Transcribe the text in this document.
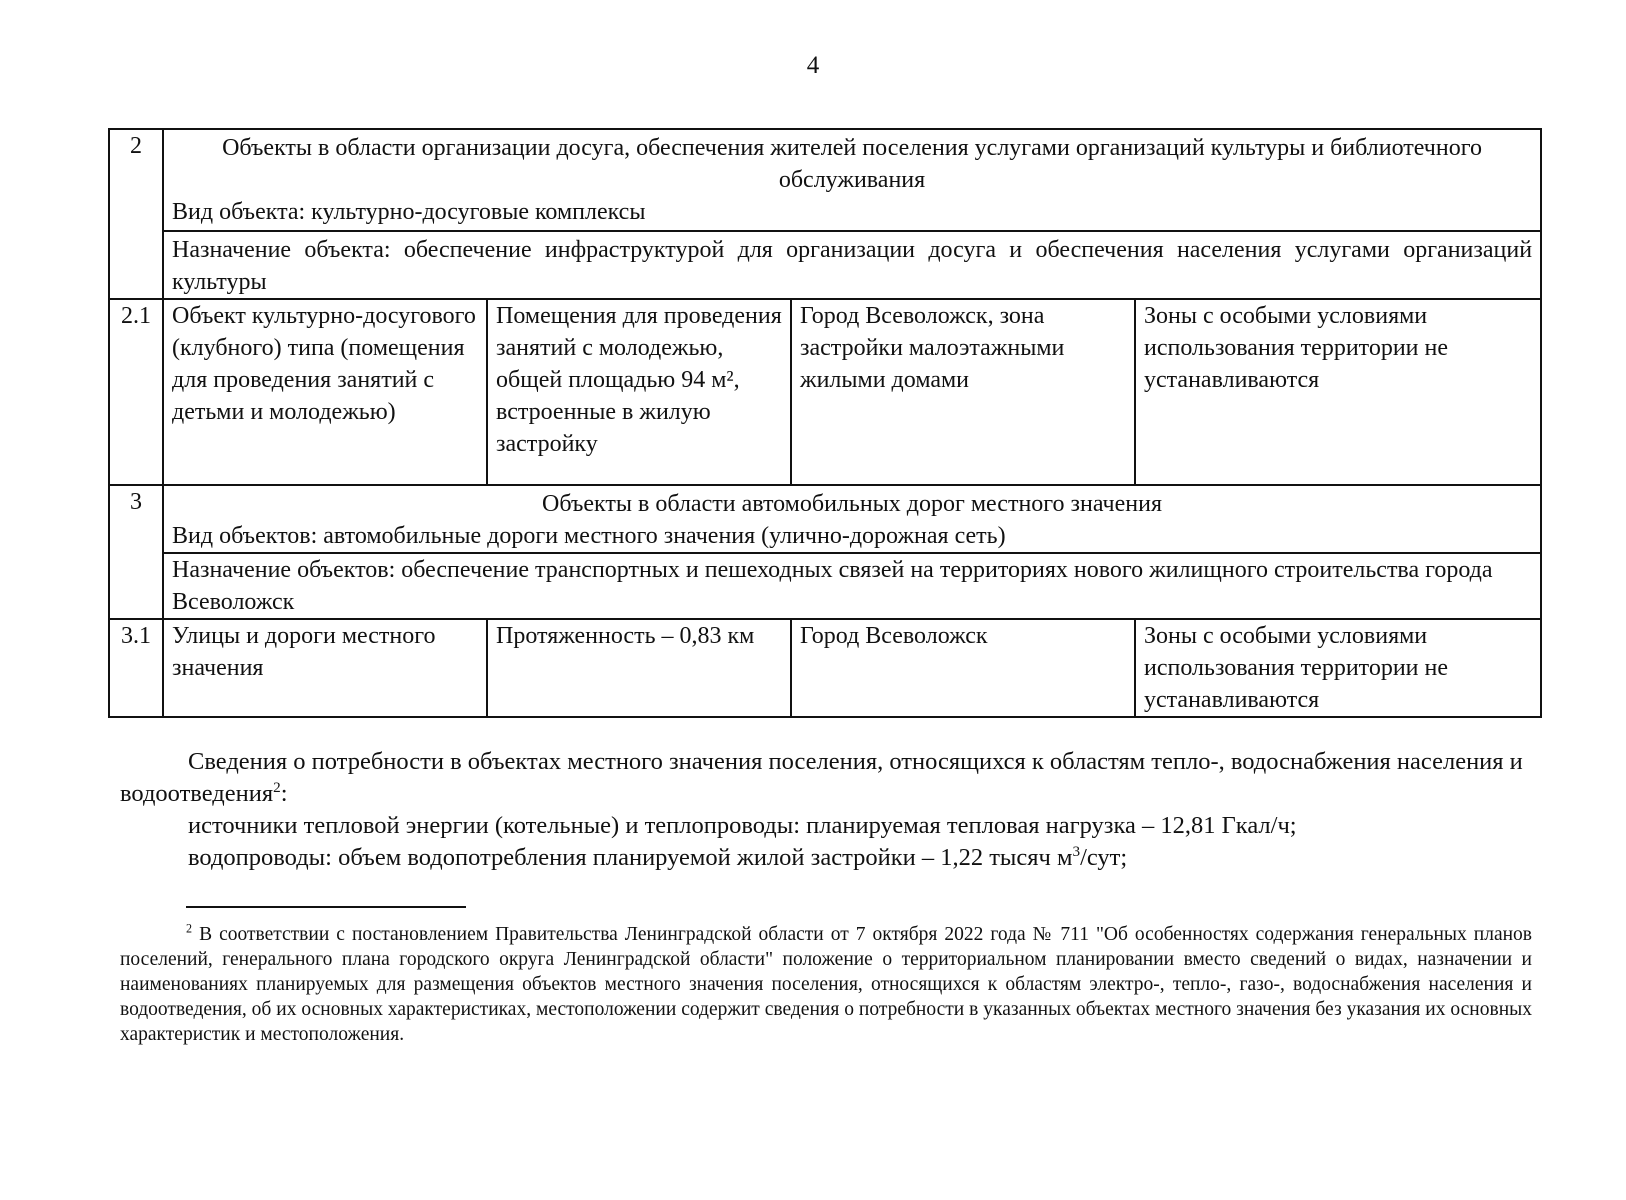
4
2	Объекты в области организации досуга, обеспечения жителей поселения услугами организаций культуры и библиотечного обслуживания
Вид объекта: культурно-досуговые комплексы			

	Назначение объекта: обеспечение инфраструктурой для организации досуга и обеспечения населения услугами организаций культуры			
2.1	Объект культурно-досугового (клубного) типа (помещения для проведения занятий с детьми и молодежью)	Помещения для проведения занятий с молодежью, общей площадью 94 м², встроенные в жилую застройку	Город Всеволожск, зона застройки малоэтажными жилыми домами	Зоны с особыми условиями использования территории не устанавливаются
3	Объекты в области автомобильных дорог местного значения
Вид объектов: автомобильные дороги местного значения (улично-дорожная сеть)			

	Назначение объектов: обеспечение транспортных и пешеходных связей на территориях нового жилищного строительства города Всеволожск			
3.1	Улицы и дороги местного значения	Протяженность – 0,83 км	Город Всеволожск	Зоны с особыми условиями использования территории не устанавливаются

Сведения о потребности в объектах местного значения поселения, относящихся к областям тепло-, водоснабжения населения и водоотведения$^2$:

источники тепловой энергии (котельные) и теплопроводы: планируемая тепловая нагрузка – 12,81 Гкал/ч;

водопроводы: объем водопотребления планируемой жилой застройки – 1,22 тысяч $м^3$/сут;

$^2$ В соответствии с постановлением Правительства Ленинградской области от 7 октября 2022 года № 711 "Об особенностях содержания генеральных планов поселений, генерального плана городского округа Ленинградской области" положение о территориальном планировании вместо сведений о видах, назначении и наименованиях планируемых для размещения объектов местного значения поселения, относящихся к областям электро-, тепло-, газо-, водоснабжения населения и водоотведения, об их основных характеристиках, местоположении содержит сведения о потребности в указанных объектах местного значения без указания их основных характеристик и местоположения.
